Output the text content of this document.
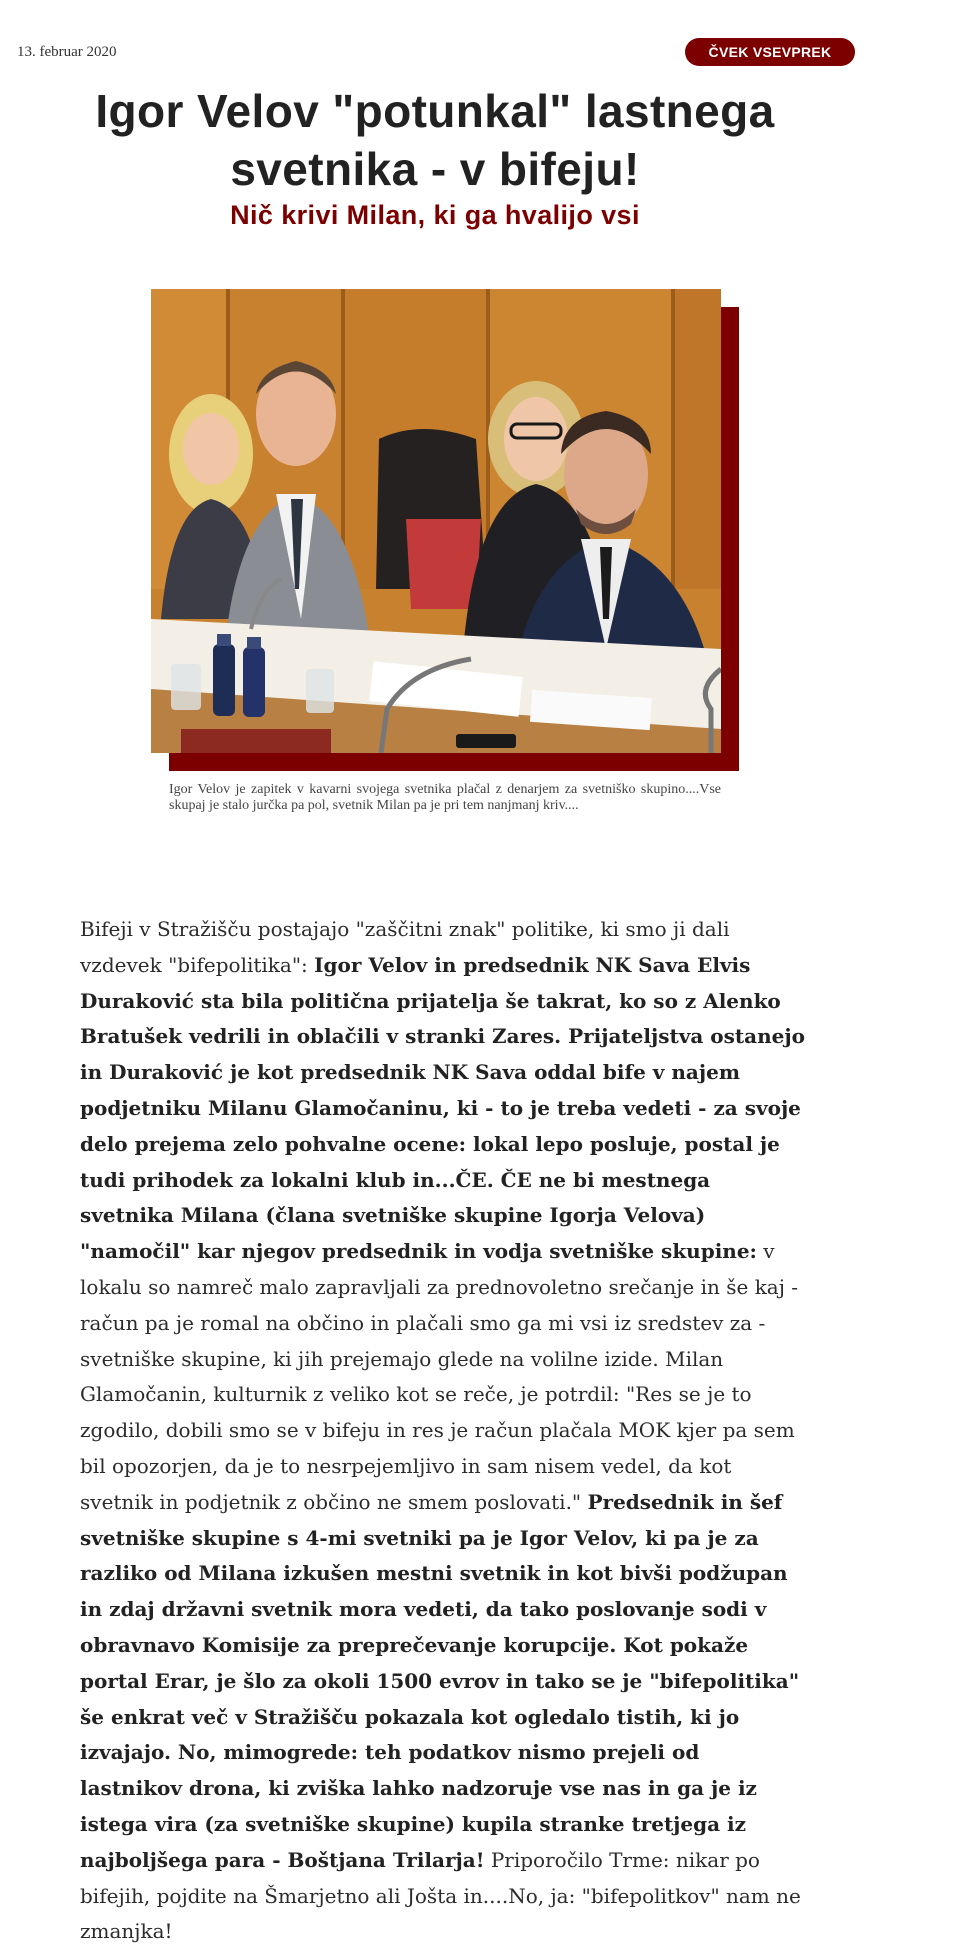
13. februar 2020	ČVEK VSEVPREK
Igor Velov "potunkal" lastnega svetnika - v bifeju!
Nič krivi Milan, ki ga hvalijo vsi
Igor Velov je zapitek v kavarni svojega svetnika plačal z denarjem za svetniško skupino....Vse skupaj je stalo jurčka pa pol, svetnik Milan pa je pri tem nanjmanj kriv....

Bifeji v Stražišču postajajo "zaščitni znak" politike, ki smo ji dali vzdevek "bifepolitika": Igor Velov in predsednik NK Sava Elvis Duraković sta bila politična prijatelja še takrat, ko so z Alenko Bratušek vedrili in oblačili v stranki Zares. Prijateljstva ostanejo in Duraković je kot predsednik NK Sava oddal bife v najem podjetniku Milanu Glamočaninu, ki - to je treba vedeti - za svoje delo prejema zelo pohvalne ocene: lokal lepo posluje, postal je tudi prihodek za lokalni klub in...ČE. ČE ne bi mestnega svetnika Milana (člana svetniške skupine Igorja Velova) "namočil" kar njegov predsednik in vodja svetniške skupine: v lokalu so namreč malo zapravljali za prednovoletno srečanje in še kaj - račun pa je romal na občino in plačali smo ga mi vsi iz sredstev za - svetniške skupine, ki jih prejemajo glede na volilne izide. Milan Glamočanin, kulturnik z veliko kot se reče, je potrdil: "Res se je to zgodilo, dobili smo se v bifeju in res je račun plačala MOK kjer pa sem bil opozorjen, da je to nesrpejemljivo in sam nisem vedel, da kot svetnik in podjetnik z občino ne smem poslovati." Predsednik in šef svetniške skupine s 4-mi svetniki pa je Igor Velov, ki pa je za razliko od Milana izkušen mestni svetnik in kot bivši podžupan in zdaj državni svetnik mora vedeti, da tako poslovanje sodi v obravnavo Komisije za preprečevanje korupcije. Kot pokaže portal Erar, je šlo za okoli 1500 evrov in tako se je "bifepolitika" še enkrat več v Stražišču pokazala kot ogledalo tistih, ki jo izvajajo. No, mimogrede: teh podatkov nismo prejeli od lastnikov drona, ki zviška lahko nadzoruje vse nas in ga je iz istega vira (za svetniške skupine) kupila stranke tretjega iz najboljšega para - Boštjana Trilarja! Priporočilo Trme: nikar po bifejih, pojdite na Šmarjetno ali Jošta in....No, ja: "bifepolitkov" nam ne zmanjka!
